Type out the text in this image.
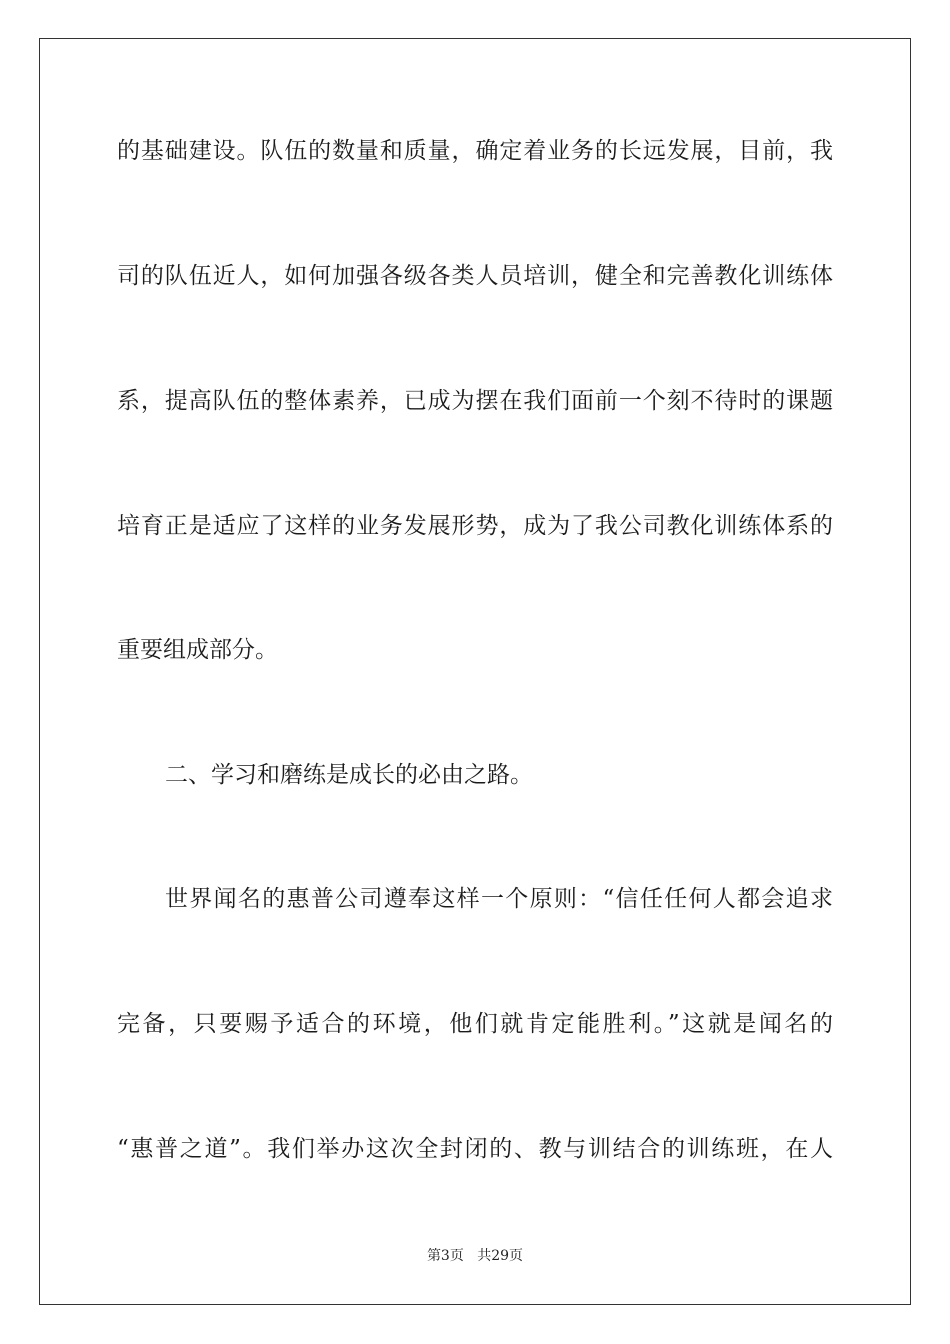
的基础建设。队伍的数量和质量，确定着业务的长远发展，目前，我
司的队伍近人，如何加强各级各类人员培训，健全和完善教化训练体
系，提高队伍的整体素养，已成为摆在我们面前一个刻不待时的课题
培育正是适应了这样的业务发展形势，成为了我公司教化训练体系的
重要组成部分。
二、学习和磨练是成长的必由之路。
世界闻名的惠普公司遵奉这样一个原则：“信任任何人都会追求
完备，只要赐予适合的环境，他们就肯定能胜利。”这就是闻名的
“惠普之道”。我们举办这次全封闭的、教与训结合的训练班，在人
第3页 共29页
